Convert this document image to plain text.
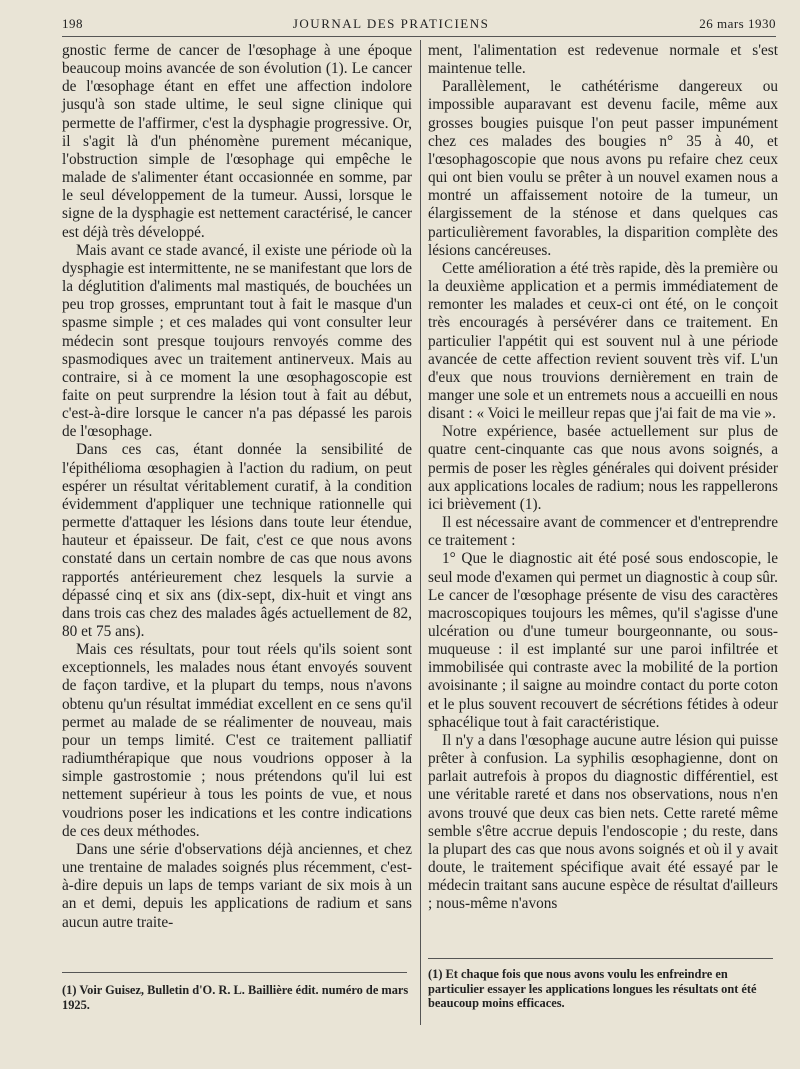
198	JOURNAL DES PRATICIENS	26 mars 1930

gnostic ferme de cancer de l'œsophage à une époque beaucoup moins avancée de son évolution (1). Le cancer de l'œsophage étant en effet une affection indolore jusqu'à son stade ultime, le seul signe clinique qui permette de l'affirmer, c'est la dysphagie progressive. Or, il s'agit là d'un phénomène purement mécanique, l'obstruction simple de l'œsophage qui empêche le malade de s'alimenter étant occasionnée en somme, par le seul développement de la tumeur. Aussi, lorsque le signe de la dysphagie est nettement caractérisé, le cancer est déjà très développé.

Mais avant ce stade avancé, il existe une période où la dysphagie est intermittente, ne se manifestant que lors de la déglutition d'aliments mal mastiqués, de bouchées un peu trop grosses, empruntant tout à fait le masque d'un spasme simple ; et ces malades qui vont consulter leur médecin sont presque toujours renvoyés comme des spasmodiques avec un traitement antinerveux. Mais au contraire, si à ce moment la une œsophagoscopie est faite on peut surprendre la lésion tout à fait au début, c'est-à-dire lorsque le cancer n'a pas dépassé les parois de l'œsophage.

Dans ces cas, étant donnée la sensibilité de l'épithélioma œsophagien à l'action du radium, on peut espérer un résultat véritablement curatif, à la condition évidemment d'appliquer une technique rationnelle qui permette d'attaquer les lésions dans toute leur étendue, hauteur et épaisseur. De fait, c'est ce que nous avons constaté dans un certain nombre de cas que nous avons rapportés antérieurement chez lesquels la survie a dépassé cinq et six ans (dix-sept, dix-huit et vingt ans dans trois cas chez des malades âgés actuellement de 82, 80 et 75 ans).

Mais ces résultats, pour tout réels qu'ils soient sont exceptionnels, les malades nous étant envoyés souvent de façon tardive, et la plupart du temps, nous n'avons obtenu qu'un résultat immédiat excellent en ce sens qu'il permet au malade de se réalimenter de nouveau, mais pour un temps limité. C'est ce traitement palliatif radiumthérapique que nous voudrions opposer à la simple gastrostomie ; nous prétendons qu'il lui est nettement supérieur à tous les points de vue, et nous voudrions poser les indications et les contre indications de ces deux méthodes.

Dans une série d'observations déjà anciennes, et chez une trentaine de malades soignés plus récemment, c'est-à-dire depuis un laps de temps variant de six mois à un an et demi, depuis les applications de radium et sans aucun autre traite-

ment, l'alimentation est redevenue normale et s'est maintenue telle.

Parallèlement, le cathétérisme dangereux ou impossible auparavant est devenu facile, même aux grosses bougies puisque l'on peut passer impunément chez ces malades des bougies n° 35 à 40, et l'œsophagoscopie que nous avons pu refaire chez ceux qui ont bien voulu se prêter à un nouvel examen nous a montré un affaissement notoire de la tumeur, un élargissement de la sténose et dans quelques cas particulièrement favorables, la disparition complète des lésions cancéreuses.

Cette amélioration a été très rapide, dès la première ou la deuxième application et a permis immédiatement de remonter les malades et ceux-ci ont été, on le conçoit très encouragés à persévérer dans ce traitement. En particulier l'appétit qui est souvent nul à une période avancée de cette affection revient souvent très vif. L'un d'eux que nous trouvions dernièrement en train de manger une sole et un entremets nous a accueilli en nous disant : « Voici le meilleur repas que j'ai fait de ma vie ».

Notre expérience, basée actuellement sur plus de quatre cent-cinquante cas que nous avons soignés, a permis de poser les règles générales qui doivent présider aux applications locales de radium; nous les rappellerons ici brièvement (1).

Il est nécessaire avant de commencer et d'entreprendre ce traitement :

1° Que le diagnostic ait été posé sous endoscopie, le seul mode d'examen qui permet un diagnostic à coup sûr. Le cancer de l'œsophage présente de visu des caractères macroscopiques toujours les mêmes, qu'il s'agisse d'une ulcération ou d'une tumeur bourgeonnante, ou sous-muqueuse : il est implanté sur une paroi infiltrée et immobilisée qui contraste avec la mobilité de la portion avoisinante ; il saigne au moindre contact du porte coton et le plus souvent recouvert de sécrétions fétides à odeur sphacélique tout à fait caractéristique.

Il n'y a dans l'œsophage aucune autre lésion qui puisse prêter à confusion. La syphilis œsophagienne, dont on parlait autrefois à propos du diagnostic différentiel, est une véritable rareté et dans nos observations, nous n'en avons trouvé que deux cas bien nets. Cette rareté même semble s'être accrue depuis l'endoscopie ; du reste, dans la plupart des cas que nous avons soignés et où il y avait doute, le traitement spécifique avait été essayé par le médecin traitant sans aucune espèce de résultat d'ailleurs ; nous-même n'avons

(1) Voir Guisez, Bulletin d'O. R. L. Baillière édit. numéro de mars 1925.
(1) Et chaque fois que nous avons voulu les enfreindre en particulier essayer les applications longues les résultats ont été beaucoup moins efficaces.
